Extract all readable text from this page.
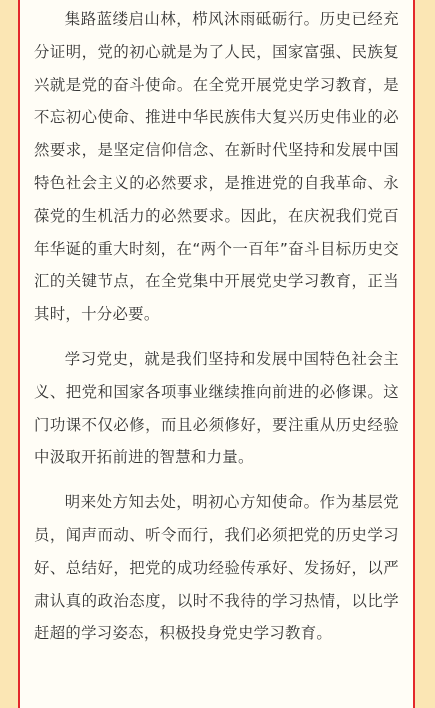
集路蓝缕启山林，栉风沐雨砥砺行。历史已经充分证明，党的初心就是为了人民，国家富强、民族复兴就是党的奋斗使命。在全党开展党史学习教育，是不忘初心使命、推进中华民族伟大复兴历史伟业的必然要求，是坚定信仰信念、在新时代坚持和发展中国特色社会主义的必然要求，是推进党的自我革命、永葆党的生机活力的必然要求。因此，在庆祝我们党百年华诞的重大时刻，在“两个一百年”奋斗目标历史交汇的关键节点，在全党集中开展党史学习教育，正当其时，十分必要。

学习党史，就是我们坚持和发展中国特色社会主义、把党和国家各项事业继续推向前进的必修课。这门功课不仅必修，而且必须修好，要注重从历史经验中汲取开拓前进的智慧和力量。

明来处方知去处，明初心方知使命。作为基层党员，闻声而动、听令而行，我们必须把党的历史学习好、总结好，把党的成功经验传承好、发扬好，以严肃认真的政治态度，以时不我待的学习热情，以比学赶超的学习姿态，积极投身党史学习教育。
